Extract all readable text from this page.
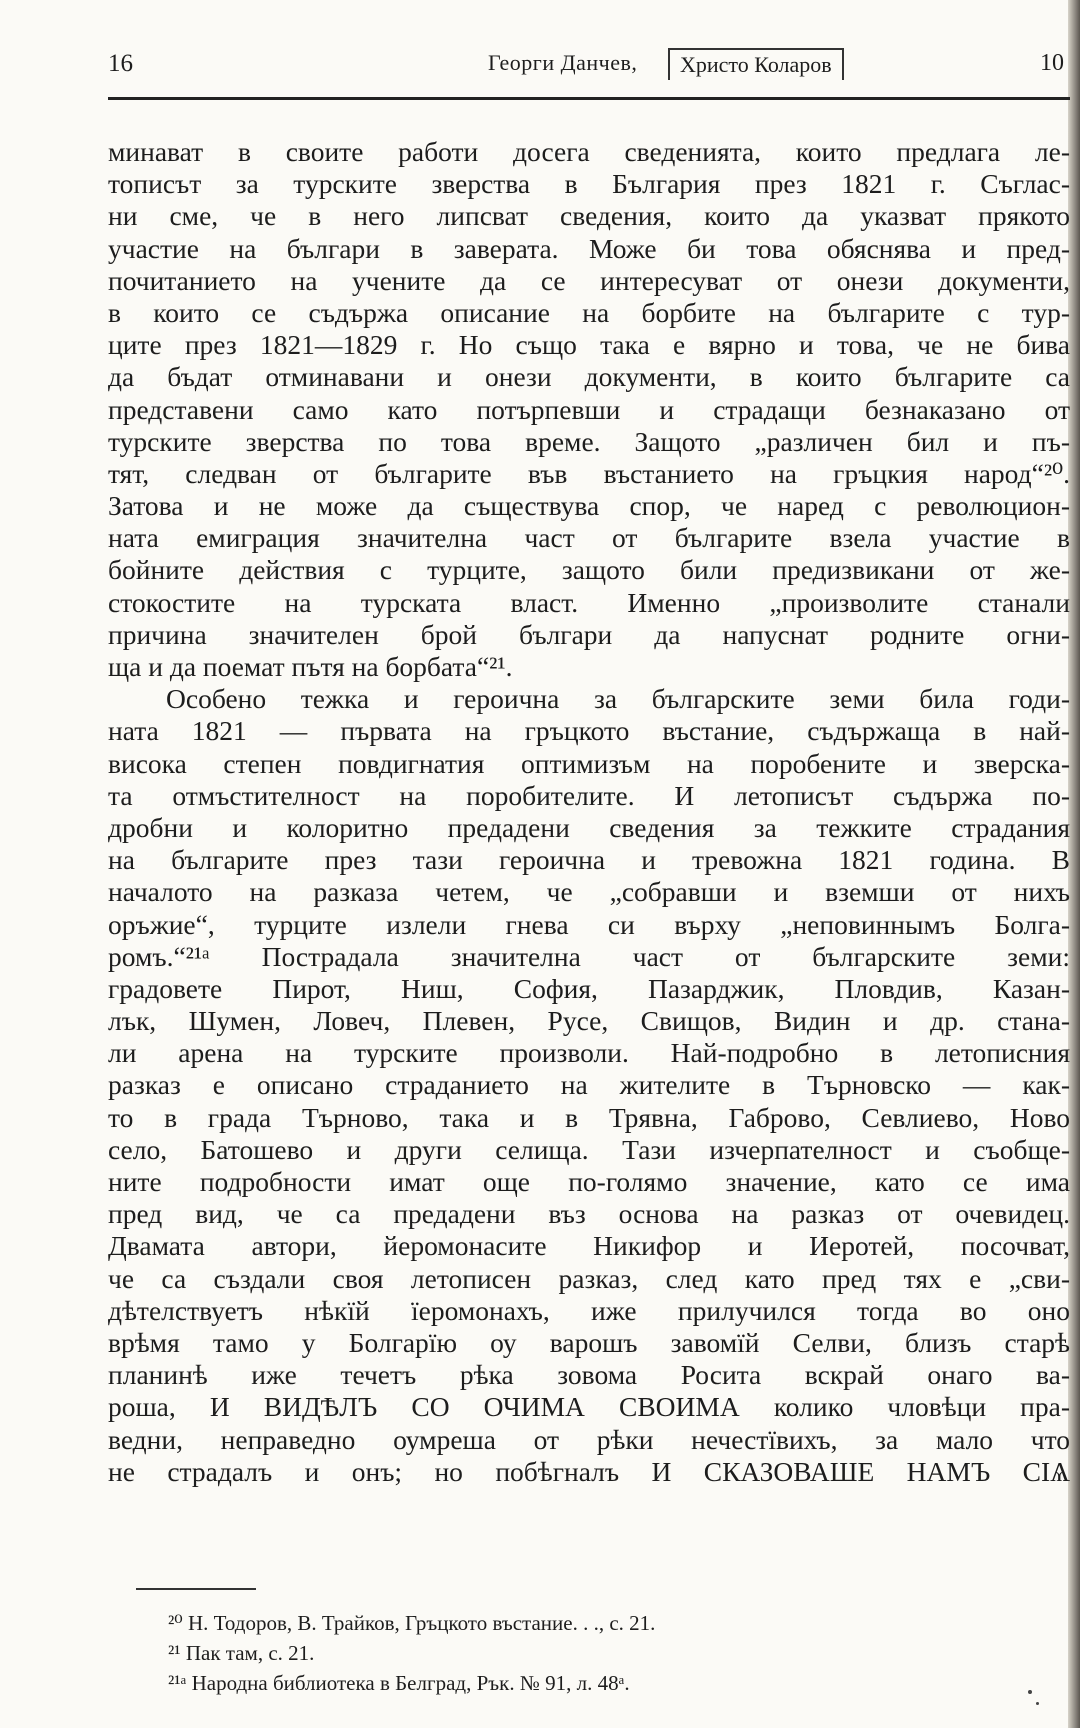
16	Георги Данчев,	Христо Коларов	10
минават в своите работи досега сведенията, които предлага ле-
тописът за турските зверства в България през 1821 г. Съглас-
ни сме, че в него липсват сведения, които да указват прякото
участие на българи в заверата. Може би това обяснява и пред-
почитанието на учените да се интересуват от онези документи,
в които се съдържа описание на борбите на българите с тур-
ците през 1821—1829 г. Но също така е вярно и това, че не бива
да бъдат отминавани и онези документи, в които българите са
представени само като потърпевши и страдащи безнаказано от
турските зверства по това време. Защото „различен бил и пъ-
тят, следван от българите във въстанието на гръцкия народ“²⁰.
Затова и не може да съществува спор, че наред с революцион-
ната емиграция значителна част от българите взела участие в
бойните действия с турците, защото били предизвикани от же-
стокостите на турската власт. Именно „произволите станали
причина значителен брой българи да напуснат родните огни-
ща и да поемат пътя на борбата“²¹.
Особено тежка и героична за българските земи била годи-
ната 1821 — първата на гръцкото въстание, съдържаща в най-
висока степен повдигнатия оптимизъм на поробените и зверска-
та отмъстителност на поробителите. И летописът съдържа по-
дробни и колоритно предадени сведения за тежките страдания
на българите през тази героична и тревожна 1821 година. В
началото на разказа четем, че „собравши и вземши от нихъ
оръжие“, турците излели гнева си върху „неповиннымъ Болга-
ромъ.“²¹ᵃ Пострадала значителна част от българските земи:
градовете Пирот, Ниш, София, Пазарджик, Пловдив, Казан-
лък, Шумен, Ловеч, Плевен, Русе, Свищов, Видин и др. стана-
ли арена на турските произволи. Най-подробно в летописния
разказ е описано страданието на жителите в Търновско — как-
то в града Търново, така и в Трявна, Габрово, Севлиево, Ново
село, Батошево и други селища. Тази изчерпателност и съобще-
ните подробности имат още по-голямо значение, като се има
пред вид, че са предадени въз основа на разказ от очевидец.
Двамата автори, йеромонасите Никифор и Иеротей, посочват,
че са създали своя летописен разказ, след като пред тях е „сви-
дѣтелствуетъ нѣкїй їеромонахъ, иже прилучился тогда во оно
врѣмя тамо у Болгарїю оу варошъ завомїй Селви, близъ старѣ
планинѣ иже течетъ рѣка зовома Росита вскрай онаго ва-
роша, И ВИДѢЛЪ СО ОЧИМА СВОИМА колико чловѣци пра-
ведни, неправедно оумреша от рѣки нечестївихъ, за мало что
не страдалъ и онъ; но побѣгналъ И СКАЗОВАШЕ НАМЪ СІѦ
²⁰ Н. Тодоров, В. Трайков, Гръцкото въстание. . ., с. 21.
²¹ Пак там, с. 21.
²¹ᵃ Народна библиотека в Белград, Рък. № 91, л. 48ᵃ.
